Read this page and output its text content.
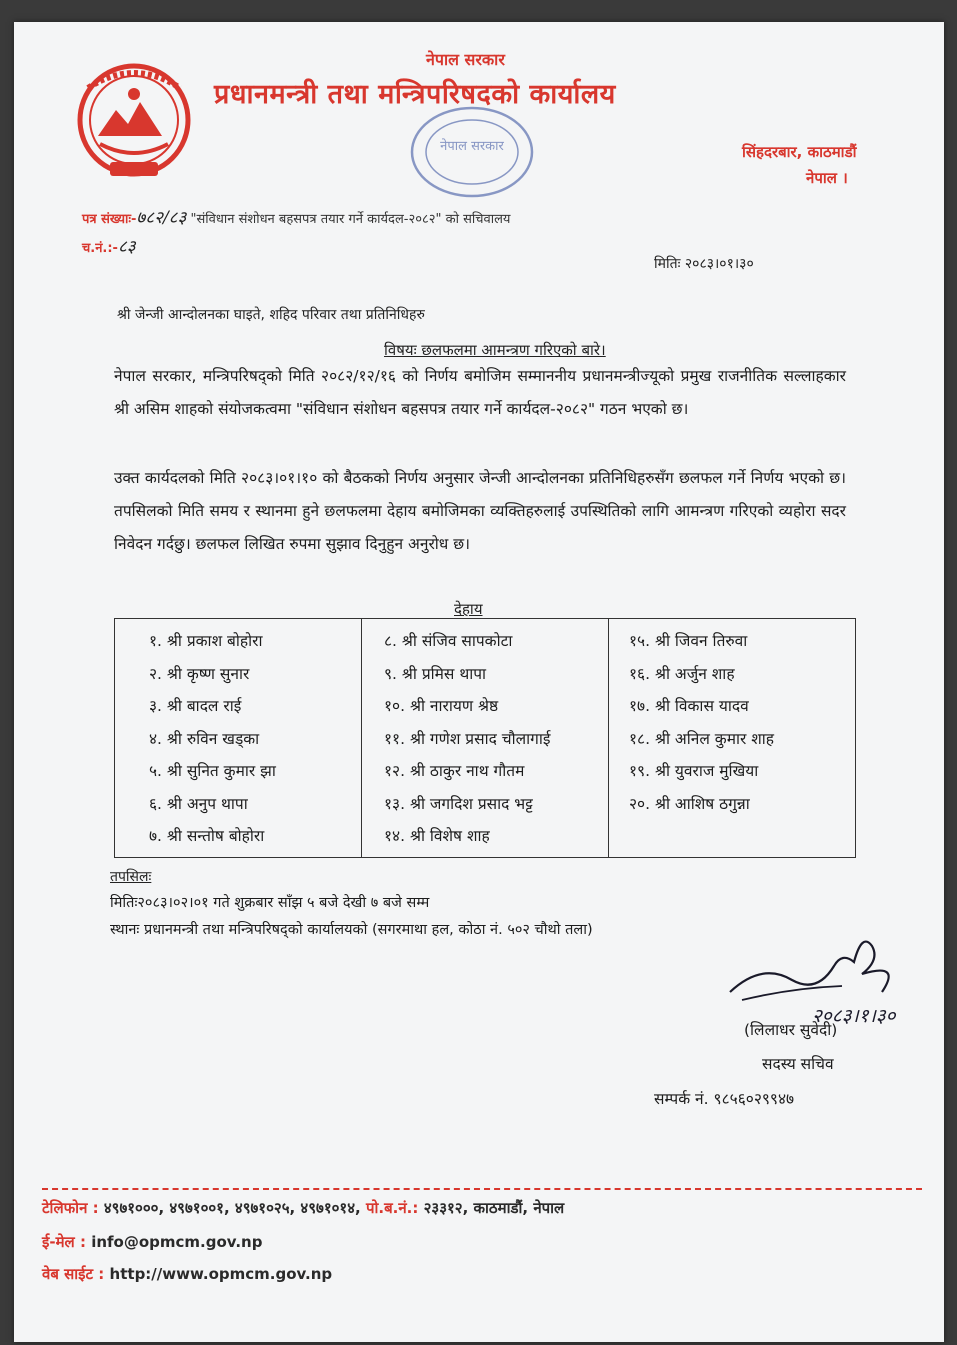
नेपाल सरकार
नेपाल सरकार
प्रधानमन्त्री तथा मन्त्रिपरिषदको कार्यालय
सिंहदरबार, काठमाडौं
नेपाल ।
पत्र संख्याः-७८२/८३ "संविधान संशोधन बहसपत्र तयार गर्ने कार्यदल-२०८२" को सचिवालय
च.नं.:-८३
मितिः २०८३।०१।३०
श्री जेन्जी आन्दोलनका घाइते, शहिद परिवार तथा प्रतिनिधिहरु
विषयः छलफलमा आमन्त्रण गरिएको बारे।
नेपाल सरकार, मन्त्रिपरिषद्को मिति २०८२/१२/१६ को निर्णय बमोजिम सम्माननीय प्रधानमन्त्रीज्यूको प्रमुख राजनीतिक सल्लाहकार श्री असिम शाहको संयोजकत्वमा "संविधान संशोधन बहसपत्र तयार गर्ने कार्यदल-२०८२" गठन भएको छ।
उक्त कार्यदलको मिति २०८३।०१।१० को बैठकको निर्णय अनुसार जेन्जी आन्दोलनका प्रतिनिधिहरुसँग छलफल गर्ने निर्णय भएको छ। तपसिलको मिति समय र स्थानमा हुने छलफलमा देहाय बमोजिमका व्यक्तिहरुलाई उपस्थितिको लागि आमन्त्रण गरिएको व्यहोरा सदर निवेदन गर्दछु। छलफल लिखित रुपमा सुझाव दिनुहुन अनुरोध छ।
देहाय
१. श्री प्रकाश बोहोरा
२. श्री कृष्ण सुनार
३. श्री बादल राई
४. श्री रुविन खड्का
५. श्री सुनित कुमार झा
६. श्री अनुप थापा
७. श्री सन्तोष बोहोरा

८. श्री संजिव सापकोटा
९. श्री प्रमिस थापा
१०. श्री नारायण श्रेष्ठ
११. श्री गणेश प्रसाद चौलागाई
१२. श्री ठाकुर नाथ गौतम
१३. श्री जगदिश प्रसाद भट्ट
१४. श्री विशेष शाह

१५. श्री जिवन तिरुवा
१६. श्री अर्जुन शाह
१७. श्री विकास यादव
१८. श्री अनिल कुमार शाह
१९. श्री युवराज मुखिया
२०. श्री आशिष ठगुन्ना
तपसिलः
मितिः२०८३।०२।०१ गते शुक्रबार साँझ ५ बजे देखी ७ बजे सम्म
स्थानः प्रधानमन्त्री तथा मन्त्रिपरिषद्को कार्यालयको (सगरमाथा हल, कोठा नं. ५०२ चौथो तला)
२०८३।१।३०
(लिलाधर सुवेदी)
सदस्य सचिव
सम्पर्क नं. ९८५६०२९९४७
टेलिफोन : ४९७१०००, ४९७१००१, ४९७१०२५, ४९७१०१४, पो.ब.नं.: २३३१२, काठमाडौं, नेपाल
ई-मेल : info@opmcm.gov.np
वेब साईट : http://www.opmcm.gov.np
